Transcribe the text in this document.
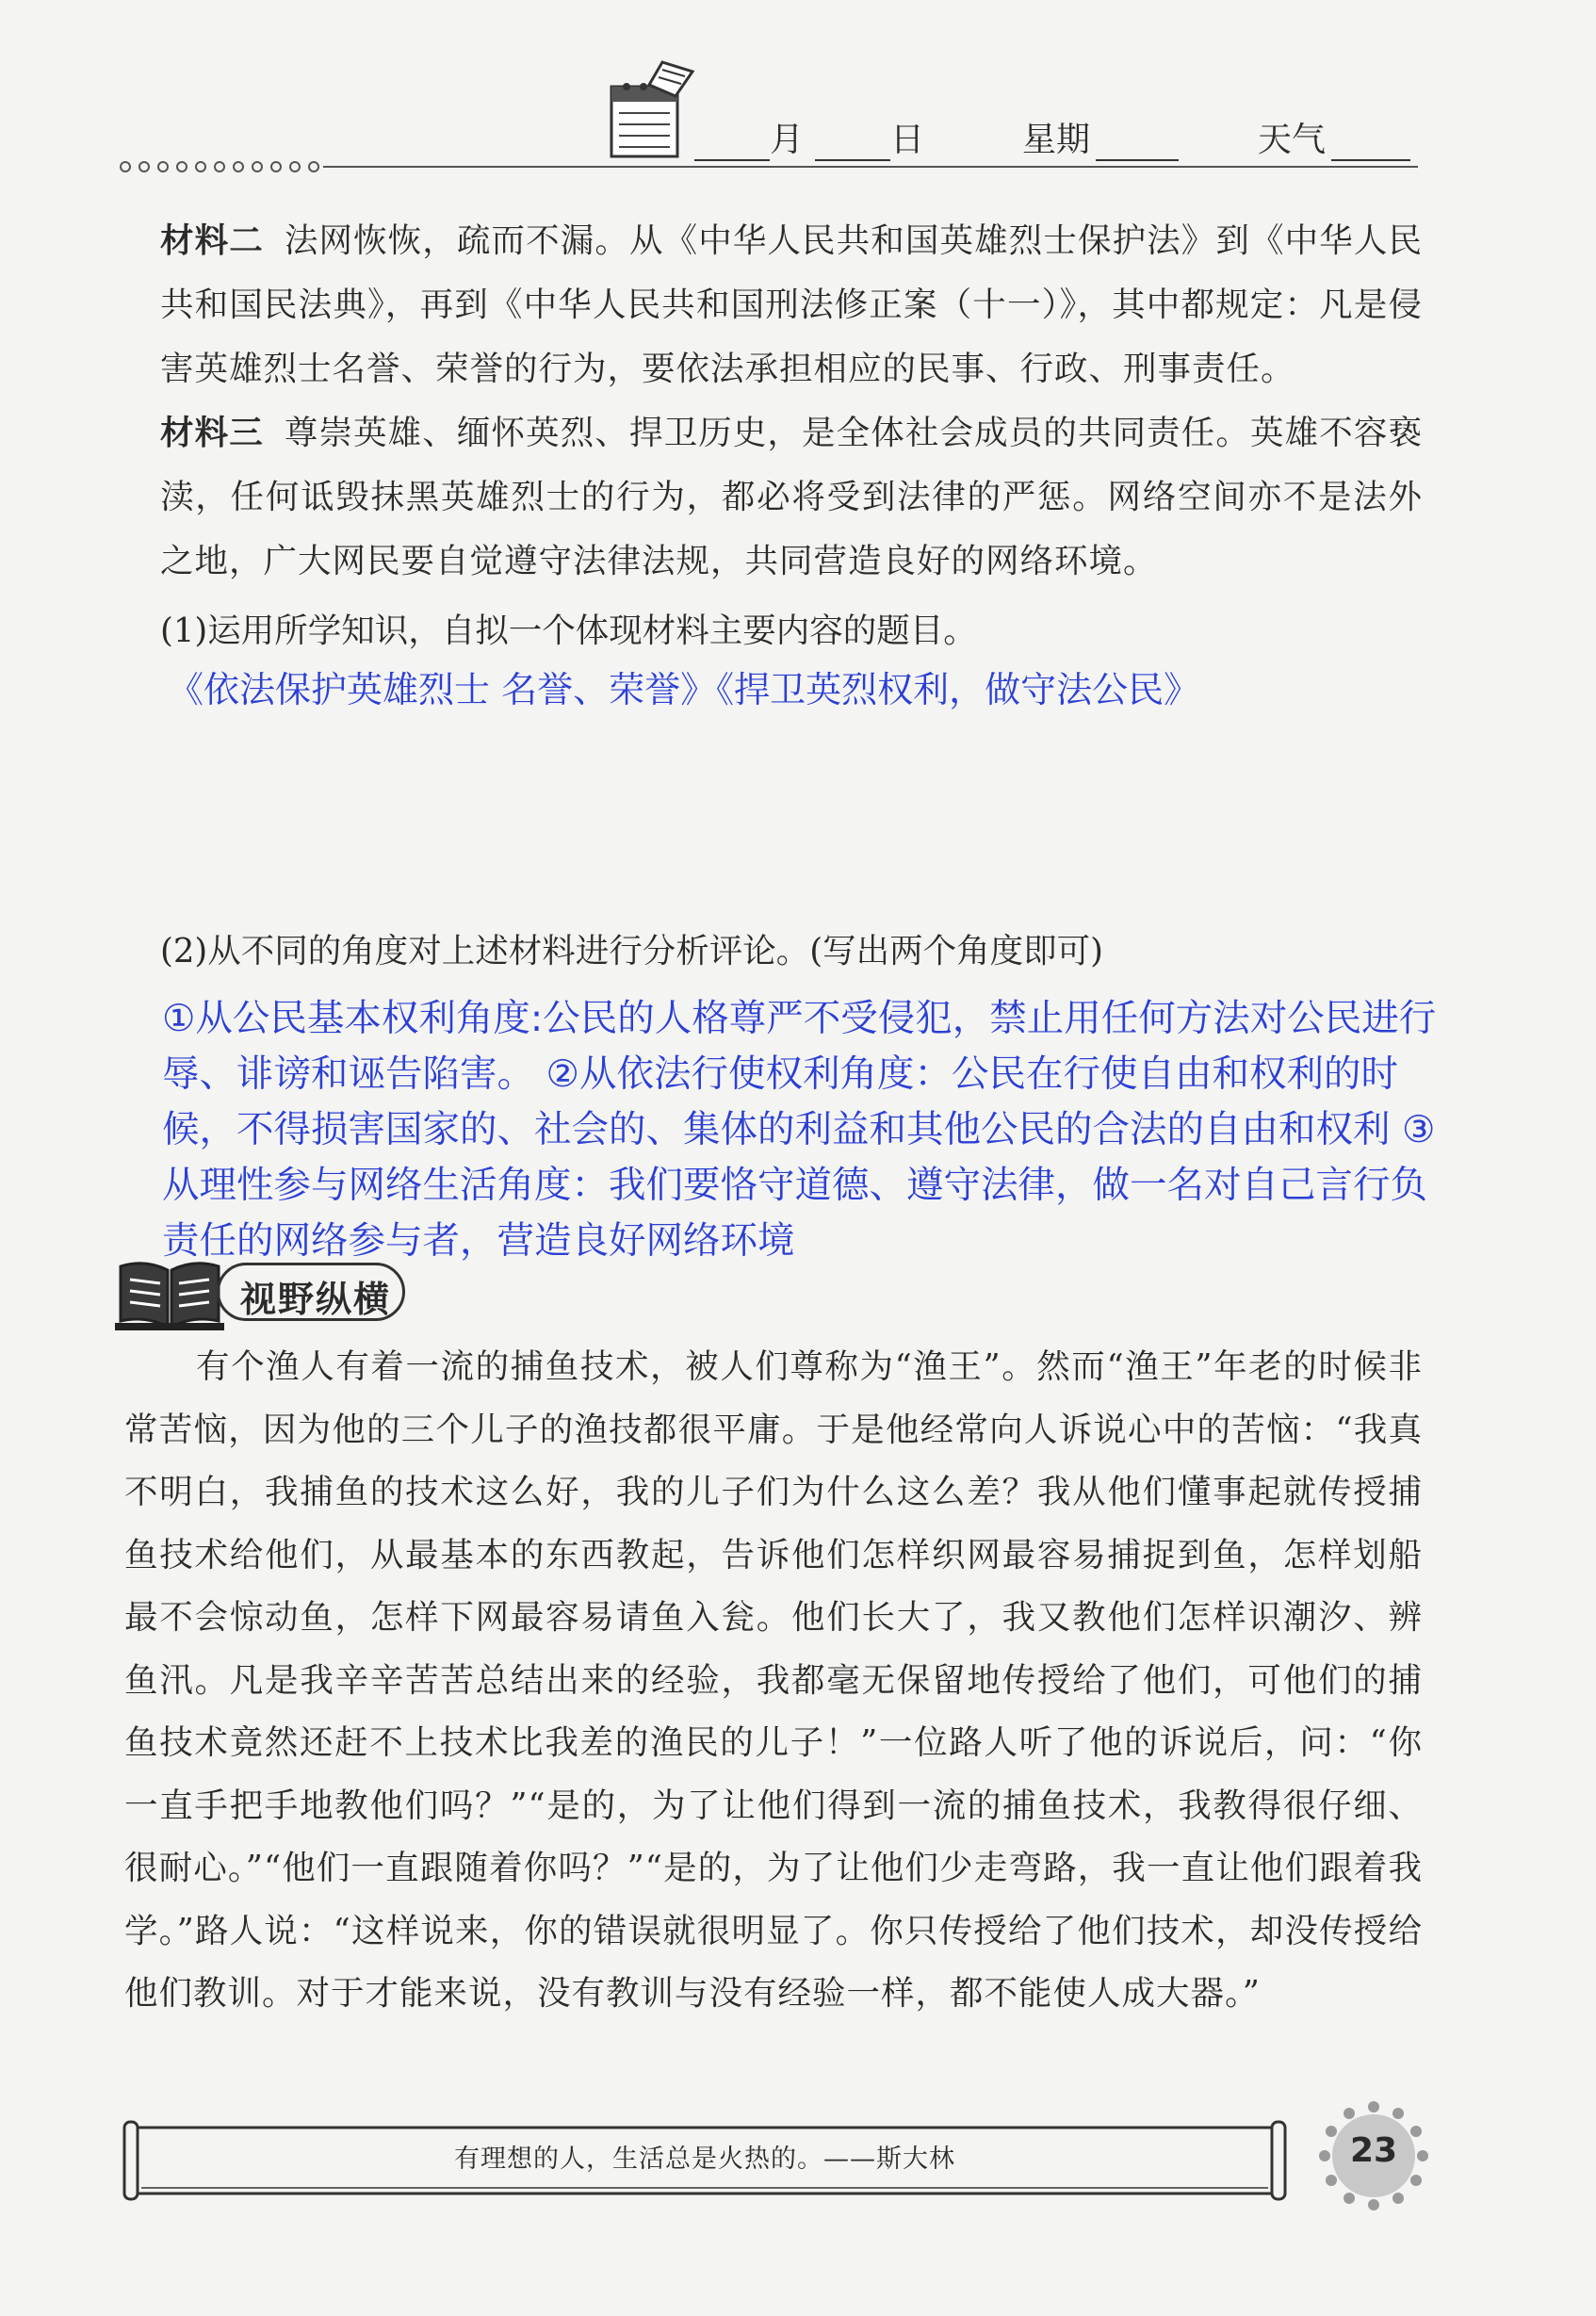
月	日	星期	天气
材料二 法网恢恢，疏而不漏。从《中华人民共和国英雄烈士保护法》到《中华人民共和国民法典》，再到《中华人民共和国刑法修正案（十一）》，其中都规定：凡是侵害英雄烈士名誉、荣誉的行为，要依法承担相应的民事、行政、刑事责任。
材料三 尊崇英雄、缅怀英烈、捍卫历史，是全体社会成员的共同责任。英雄不容亵渎，任何诋毁抹黑英雄烈士的行为，都必将受到法律的严惩。网络空间亦不是法外之地，广大网民要自觉遵守法律法规，共同营造良好的网络环境。
(1)运用所学知识，自拟一个体现材料主要内容的题目。
《依法保护英雄烈士 名誉、荣誉》《捍卫英烈权利，做守法公民》
(2)从不同的角度对上述材料进行分析评论。(写出两个角度即可)
①从公民基本权利角度:公民的人格尊严不受侵犯，禁止用任何方法对公民进行辱、诽谤和诬告陷害。 ②从依法行使权利角度：公民在行使自由和权利的时候，不得损害国家的、社会的、集体的利益和其他公民的合法的自由和权利 ③从理性参与网络生活角度：我们要恪守道德、遵守法律，做一名对自己言行负责任的网络参与者，营造良好网络环境
视野纵横
有个渔人有着一流的捕鱼技术，被人们尊称为“渔王”。然而“渔王”年老的时候非常苦恼，因为他的三个儿子的渔技都很平庸。于是他经常向人诉说心中的苦恼：“我真不明白，我捕鱼的技术这么好，我的儿子们为什么这么差？我从他们懂事起就传授捕鱼技术给他们，从最基本的东西教起，告诉他们怎样织网最容易捕捉到鱼，怎样划船最不会惊动鱼，怎样下网最容易请鱼入瓮。他们长大了，我又教他们怎样识潮汐、辨鱼汛。凡是我辛辛苦苦总结出来的经验，我都毫无保留地传授给了他们，可他们的捕鱼技术竟然还赶不上技术比我差的渔民的儿子！”一位路人听了他的诉说后，问：“你一直手把手地教他们吗？”“是的，为了让他们得到一流的捕鱼技术，我教得很仔细、很耐心。”“他们一直跟随着你吗？”“是的，为了让他们少走弯路，我一直让他们跟着我学。”路人说：“这样说来，你的错误就很明显了。你只传授给了他们技术，却没传授给他们教训。对于才能来说，没有教训与没有经验一样，都不能使人成大器。”
有理想的人，生活总是火热的。——斯大林	23
